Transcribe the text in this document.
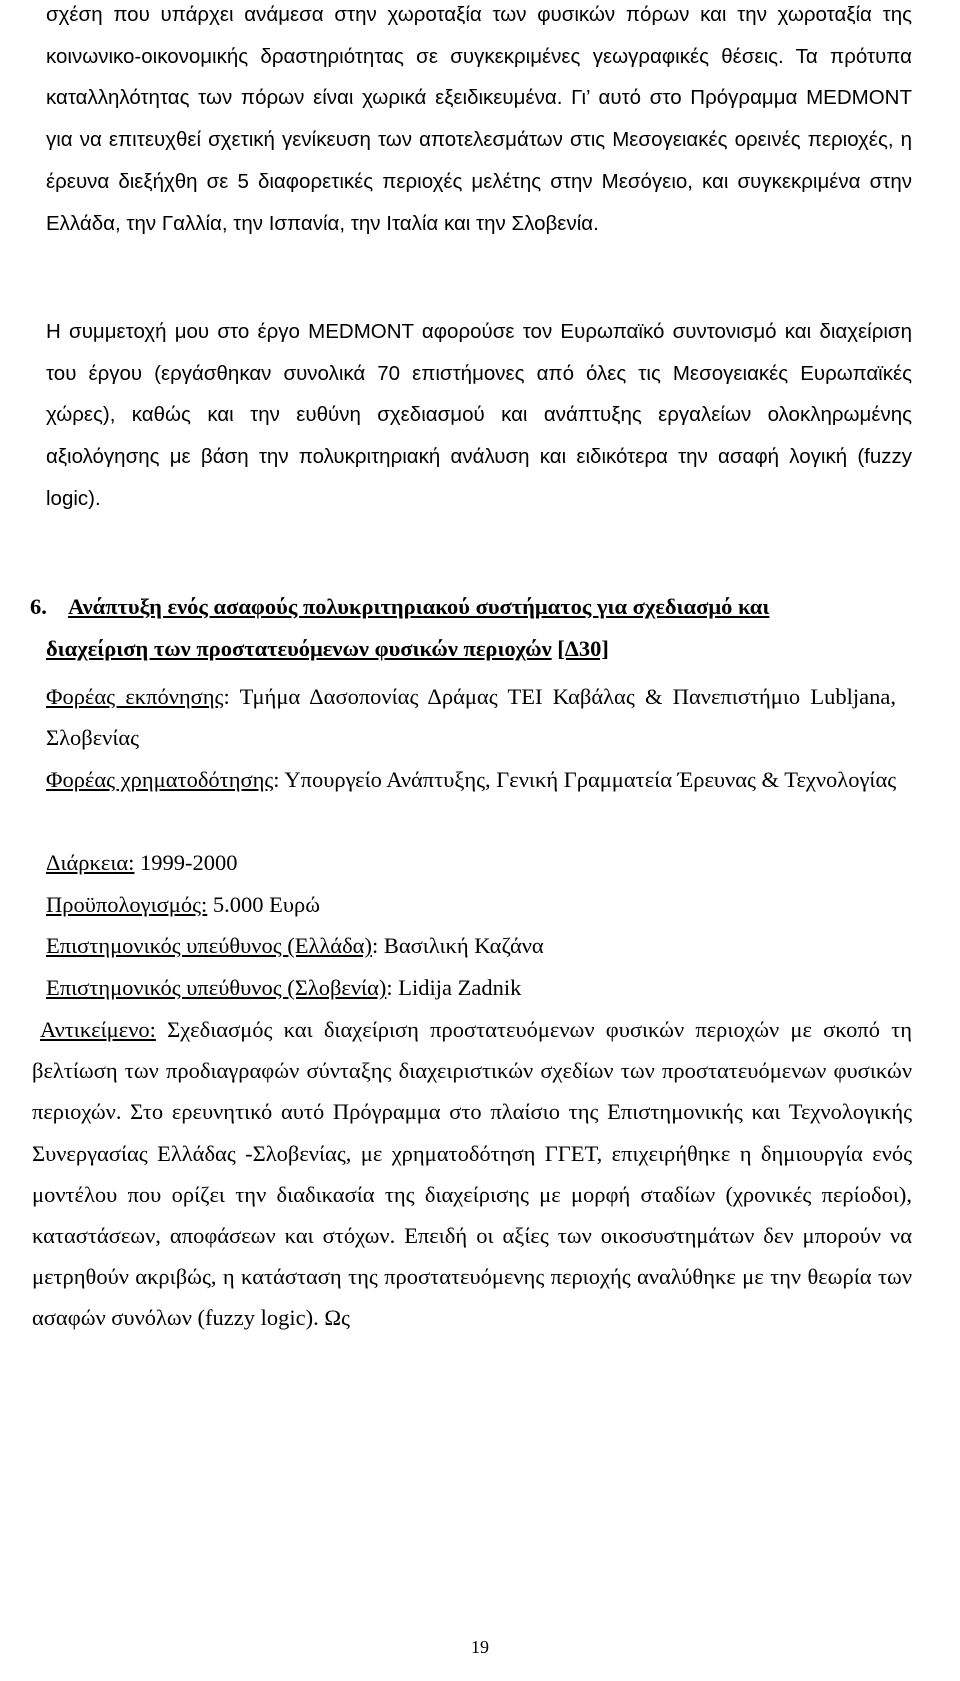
σχέση που υπάρχει ανάμεσα στην χωροταξία των φυσικών πόρων και την χωροταξία της κοινωνικο-οικονομικής δραστηριότητας σε συγκεκριμένες γεωγραφικές θέσεις. Τα πρότυπα καταλληλότητας των πόρων είναι χωρικά εξειδικευμένα. Γι’ αυτό στο Πρόγραμμα MEDMONT για να επιτευχθεί σχετική γενίκευση των αποτελεσμάτων στις Μεσογειακές ορεινές περιοχές, η έρευνα διεξήχθη σε 5 διαφορετικές περιοχές μελέτης στην Μεσόγειο, και συγκεκριμένα στην Ελλάδα, την Γαλλία, την Ισπανία, την Ιταλία και την Σλοβενία.

Η συμμετοχή μου στο έργο MEDMONT αφορούσε τον Ευρωπαϊκό συντονισμό και διαχείριση του έργου (εργάσθηκαν συνολικά 70 επιστήμονες από όλες τις Μεσογειακές Ευρωπαϊκές χώρες), καθώς και την ευθύνη σχεδιασμού και ανάπτυξης εργαλείων ολοκληρωμένης αξιολόγησης με βάση την πολυκριτηριακή ανάλυση και ειδικότερα την ασαφή λογική (fuzzy logic).

6. Ανάπτυξη ενός ασαφούς πολυκριτηριακού συστήματος για σχεδιασμό και
διαχείριση των προστατευόμενων φυσικών περιοχών [Δ30]
Φορέας εκπόνησης: Τμήμα Δασοπονίας Δράμας ΤΕΙ Καβάλας & Πανεπιστήμιο Lubljana, Σλοβενίας
Φορέας χρηματοδότησης: Υπουργείο Ανάπτυξης, Γενική Γραμματεία Έρευνας & Τεχνολογίας
Διάρκεια: 1999-2000
Προϋπολογισμός: 5.000 Ευρώ
Επιστημονικός υπεύθυνος (Ελλάδα): Βασιλική Καζάνα
Επιστημονικός υπεύθυνος (Σλοβενία): Lidija Zadnik
Αντικείμενο: Σχεδιασμός και διαχείριση προστατευόμενων φυσικών περιοχών με σκοπό τη βελτίωση των προδιαγραφών σύνταξης διαχειριστικών σχεδίων των προστατευόμενων φυσικών περιοχών. Στο ερευνητικό αυτό Πρόγραμμα στο πλαίσιο της Επιστημονικής και Τεχνολογικής Συνεργασίας Ελλάδας -Σλοβενίας, με χρηματοδότηση ΓΓΕΤ, επιχειρήθηκε η δημιουργία ενός μοντέλου που ορίζει την διαδικασία της διαχείρισης με μορφή σταδίων (χρονικές περίοδοι), καταστάσεων, αποφάσεων και στόχων. Επειδή οι αξίες των οικοσυστημάτων δεν μπορούν να μετρηθούν ακριβώς, η κατάσταση της προστατευόμενης περιοχής αναλύθηκε με την θεωρία των ασαφών συνόλων (fuzzy logic). Ως
19
